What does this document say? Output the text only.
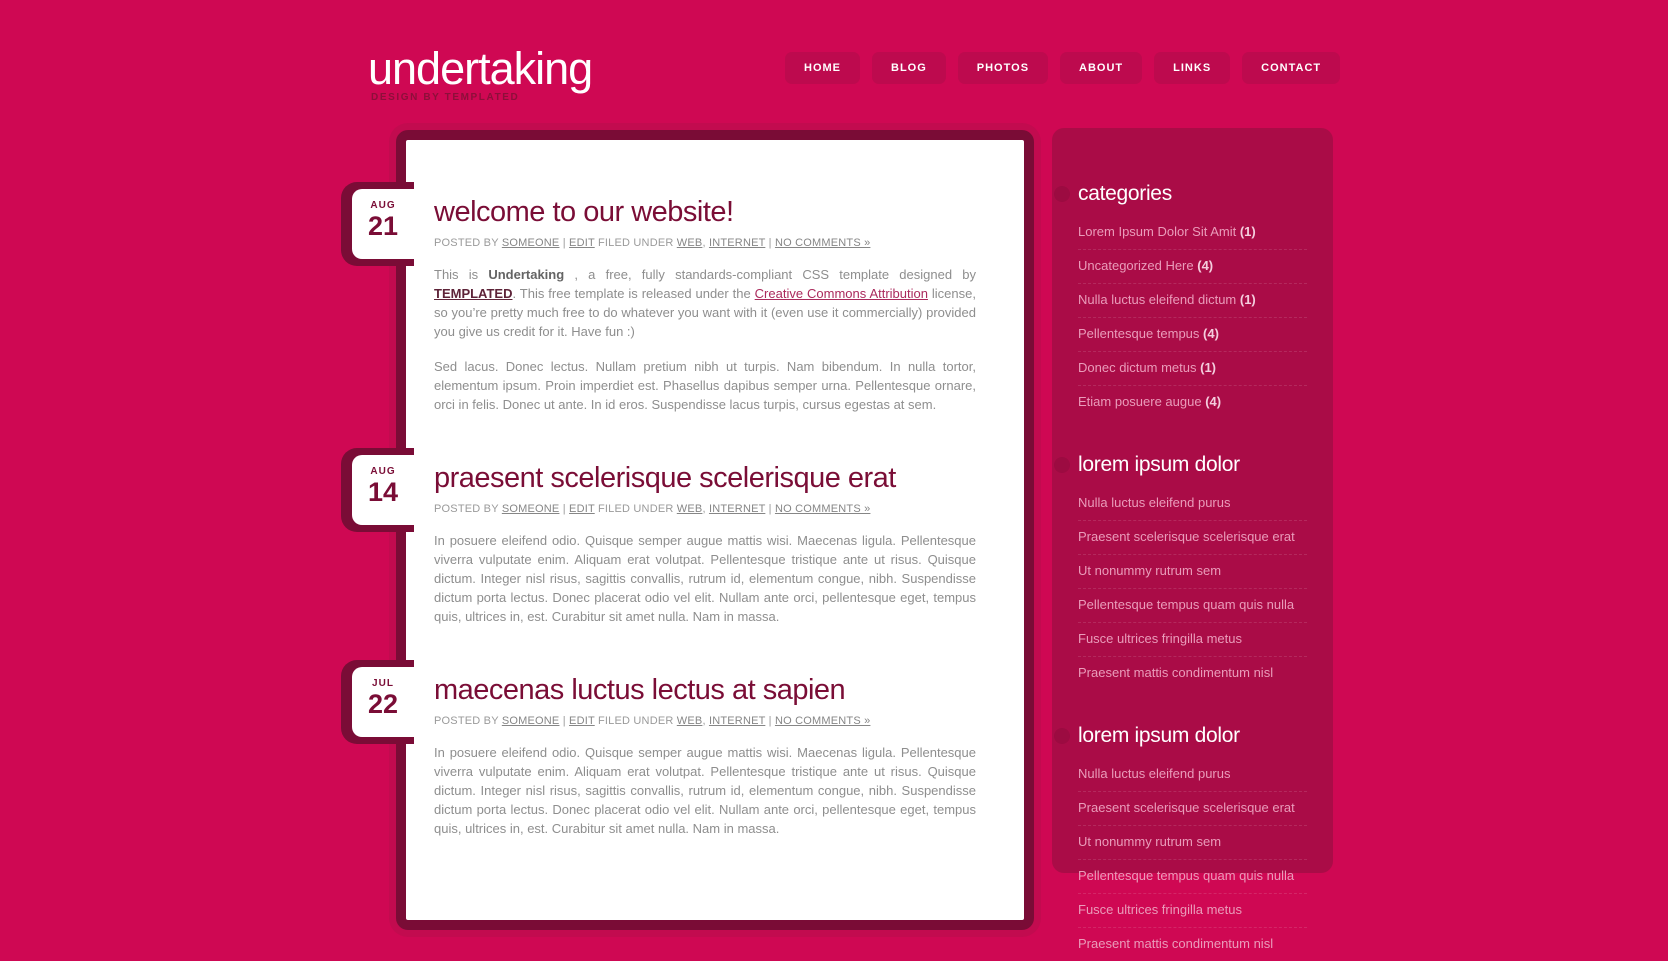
undertaking
DESIGN BY TEMPLATED
HOME	BLOG	PHOTOS	ABOUT	LINKS	CONTACT
AUG
21	welcome to our website!

POSTED BY SOMEONE | EDIT FILED UNDER WEB, INTERNET | NO COMMENTS »

This is Undertaking , a free, fully standards-compliant CSS template designed by TEMPLATED. This free template is released under the Creative Commons Attribution license, so you’re pretty much free to do whatever you want with it (even use it commercially) provided you give us credit for it. Have fun :)

Sed lacus. Donec lectus. Nullam pretium nibh ut turpis. Nam bibendum. In nulla tortor, elementum ipsum. Proin imperdiet est. Phasellus dapibus semper urna. Pellentesque ornare, orci in felis. Donec ut ante. In id eros. Suspendisse lacus turpis, cursus egestas at sem.

AUG
14	praesent scelerisque scelerisque erat

POSTED BY SOMEONE | EDIT FILED UNDER WEB, INTERNET | NO COMMENTS »

In posuere eleifend odio. Quisque semper augue mattis wisi. Maecenas ligula. Pellentesque viverra vulputate enim. Aliquam erat volutpat. Pellentesque tristique ante ut risus. Quisque dictum. Integer nisl risus, sagittis convallis, rutrum id, elementum congue, nibh. Suspendisse dictum porta lectus. Donec placerat odio vel elit. Nullam ante orci, pellentesque eget, tempus quis, ultrices in, est. Curabitur sit amet nulla. Nam in massa.

JUL
22	maecenas luctus lectus at sapien

POSTED BY SOMEONE | EDIT FILED UNDER WEB, INTERNET | NO COMMENTS »

In posuere eleifend odio. Quisque semper augue mattis wisi. Maecenas ligula. Pellentesque viverra vulputate enim. Aliquam erat volutpat. Pellentesque tristique ante ut risus. Quisque dictum. Integer nisl risus, sagittis convallis, rutrum id, elementum congue, nibh. Suspendisse dictum porta lectus. Donec placerat odio vel elit. Nullam ante orci, pellentesque eget, tempus quis, ultrices in, est. Curabitur sit amet nulla. Nam in massa.

categories
Lorem Ipsum Dolor Sit Amit (1)
Uncategorized Here (4)
Nulla luctus eleifend dictum (1)
Pellentesque tempus (4)
Donec dictum metus (1)
Etiam posuere augue (4)
lorem ipsum dolor
Nulla luctus eleifend purus
Praesent scelerisque scelerisque erat
Ut nonummy rutrum sem
Pellentesque tempus quam quis nulla
Fusce ultrices fringilla metus
Praesent mattis condimentum nisl
lorem ipsum dolor
Nulla luctus eleifend purus
Praesent scelerisque scelerisque erat
Ut nonummy rutrum sem
Pellentesque tempus quam quis nulla
Fusce ultrices fringilla metus
Praesent mattis condimentum nisl
